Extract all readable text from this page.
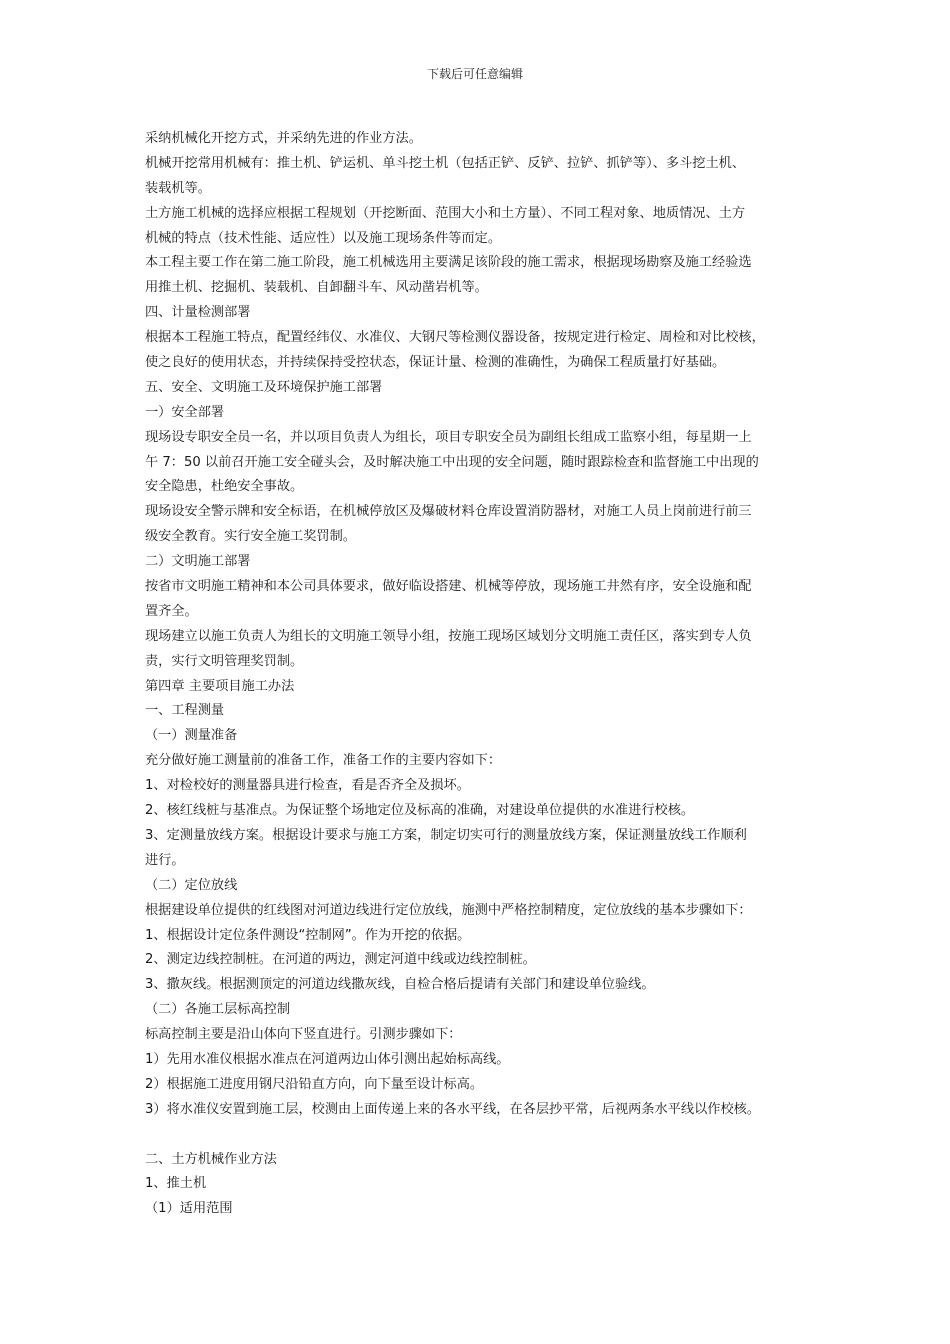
下载后可任意编辑
采纳机械化开挖方式，并采纳先进的作业方法。
机械开挖常用机械有：推土机、铲运机、单斗挖土机（包括正铲、反铲、拉铲、抓铲等）、多斗挖土机、
装载机等。
土方施工机械的选择应根据工程规划（开挖断面、范围大小和土方量）、不同工程对象、地质情况、土方
机械的特点（技术性能、适应性）以及施工现场条件等而定。
本工程主要工作在第二施工阶段，施工机械选用主要满足该阶段的施工需求，根据现场勘察及施工经验选
用推土机、挖掘机、装载机、自卸翻斗车、风动凿岩机等。
四、计量检测部署
根据本工程施工特点，配置经纬仪、水准仪、大钢尺等检测仪器设备，按规定进行检定、周检和对比校核，
使之良好的使用状态，并持续保持受控状态，保证计量、检测的准确性，为确保工程质量打好基础。
五、安全、文明施工及环境保护施工部署
一）安全部署
现场设专职安全员一名，并以项目负责人为组长，项目专职安全员为副组长组成工监察小组，每星期一上
午 7：50 以前召开施工安全碰头会，及时解决施工中出现的安全问题，随时跟踪检查和监督施工中出现的
安全隐患，杜绝安全事故。
现场设安全警示牌和安全标语，在机械停放区及爆破材料仓库设置消防器材，对施工人员上岗前进行前三
级安全教育。实行安全施工奖罚制。
二）文明施工部署
按省市文明施工精神和本公司具体要求，做好临设搭建、机械等停放，现场施工井然有序，安全设施和配
置齐全。
现场建立以施工负责人为组长的文明施工领导小组，按施工现场区域划分文明施工责任区，落实到专人负
责，实行文明管理奖罚制。
第四章 主要项目施工办法
一、工程测量
（一）测量准备
充分做好施工测量前的准备工作，准备工作的主要内容如下：
1、对检校好的测量器具进行检查，看是否齐全及损坏。
2、核红线桩与基准点。为保证整个场地定位及标高的准确，对建设单位提供的水准进行校核。
3、定测量放线方案。根据设计要求与施工方案，制定切实可行的测量放线方案，保证测量放线工作顺利
进行。
（二）定位放线
根据建设单位提供的红线图对河道边线进行定位放线，施测中严格控制精度，定位放线的基本步骤如下：
1、根据设计定位条件测设“控制网”。作为开挖的依据。
2、测定边线控制桩。在河道的两边，测定河道中线或边线控制桩。
3、撒灰线。根据测顶定的河道边线撒灰线，自检合格后提请有关部门和建设单位验线。
（二）各施工层标高控制
标高控制主要是沿山体向下竖直进行。引测步骤如下：
1）先用水准仪根据水准点在河道两边山体引测出起始标高线。
2）根据施工进度用钢尺沿铅直方向，向下量至设计标高。
3）将水准仪安置到施工层，校测由上面传递上来的各水平线，在各层抄平常，后视两条水平线以作校核。
二、土方机械作业方法
1、推土机
（1）适用范围
